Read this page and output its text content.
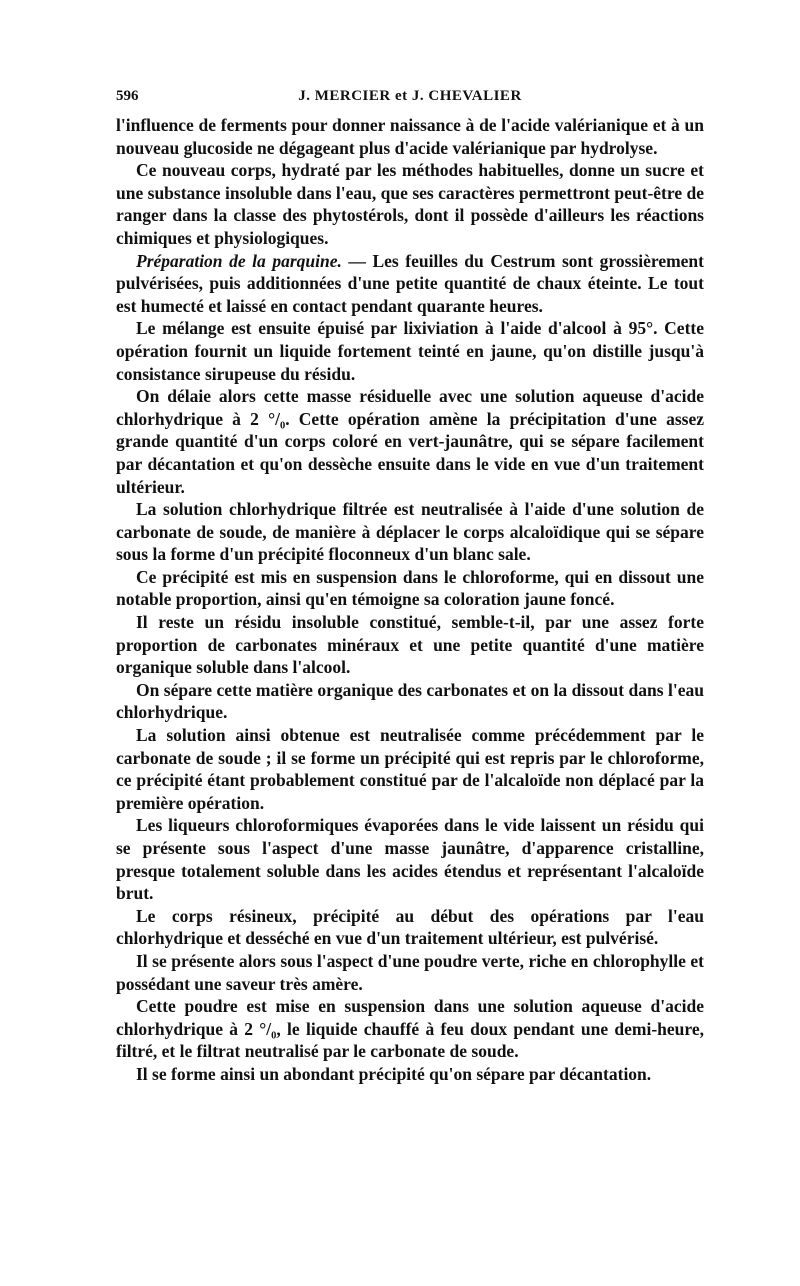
596	J. MERCIER et J. CHEVALIER

l'influence de ferments pour donner naissance à de l'acide valérianique et à un nouveau glucoside ne dégageant plus d'acide valérianique par hydrolyse.

Ce nouveau corps, hydraté par les méthodes habituelles, donne un sucre et une substance insoluble dans l'eau, que ses caractères permettront peut-être de ranger dans la classe des phytostérols, dont il possède d'ailleurs les réactions chimiques et physiologiques.

Préparation de la parquine. — Les feuilles du Cestrum sont grossièrement pulvérisées, puis additionnées d'une petite quantité de chaux éteinte. Le tout est humecté et laissé en contact pendant quarante heures.

Le mélange est ensuite épuisé par lixiviation à l'aide d'alcool à 95°. Cette opération fournit un liquide fortement teinté en jaune, qu'on distille jusqu'à consistance sirupeuse du résidu.

On délaie alors cette masse résiduelle avec une solution aqueuse d'acide chlorhydrique à 2 °/₀. Cette opération amène la précipitation d'une assez grande quantité d'un corps coloré en vert-jaunâtre, qui se sépare facilement par décantation et qu'on dessèche ensuite dans le vide en vue d'un traitement ultérieur.

La solution chlorhydrique filtrée est neutralisée à l'aide d'une solution de carbonate de soude, de manière à déplacer le corps alcaloïdique qui se sépare sous la forme d'un précipité floconneux d'un blanc sale.

Ce précipité est mis en suspension dans le chloroforme, qui en dissout une notable proportion, ainsi qu'en témoigne sa coloration jaune foncé.

Il reste un résidu insoluble constitué, semble-t-il, par une assez forte proportion de carbonates minéraux et une petite quantité d'une matière organique soluble dans l'alcool.

On sépare cette matière organique des carbonates et on la dissout dans l'eau chlorhydrique.

La solution ainsi obtenue est neutralisée comme précédemment par le carbonate de soude ; il se forme un précipité qui est repris par le chloroforme, ce précipité étant probablement constitué par de l'alcaloïde non déplacé par la première opération.

Les liqueurs chloroformiques évaporées dans le vide laissent un résidu qui se présente sous l'aspect d'une masse jaunâtre, d'apparence cristalline, presque totalement soluble dans les acides étendus et représentant l'alcaloïde brut.

Le corps résineux, précipité au début des opérations par l'eau chlorhydrique et desséché en vue d'un traitement ultérieur, est pulvérisé.

Il se présente alors sous l'aspect d'une poudre verte, riche en chlorophylle et possédant une saveur très amère.

Cette poudre est mise en suspension dans une solution aqueuse d'acide chlorhydrique à 2 °/₀, le liquide chauffé à feu doux pendant une demi-heure, filtré, et le filtrat neutralisé par le carbonate de soude.

Il se forme ainsi un abondant précipité qu'on sépare par décantation.
